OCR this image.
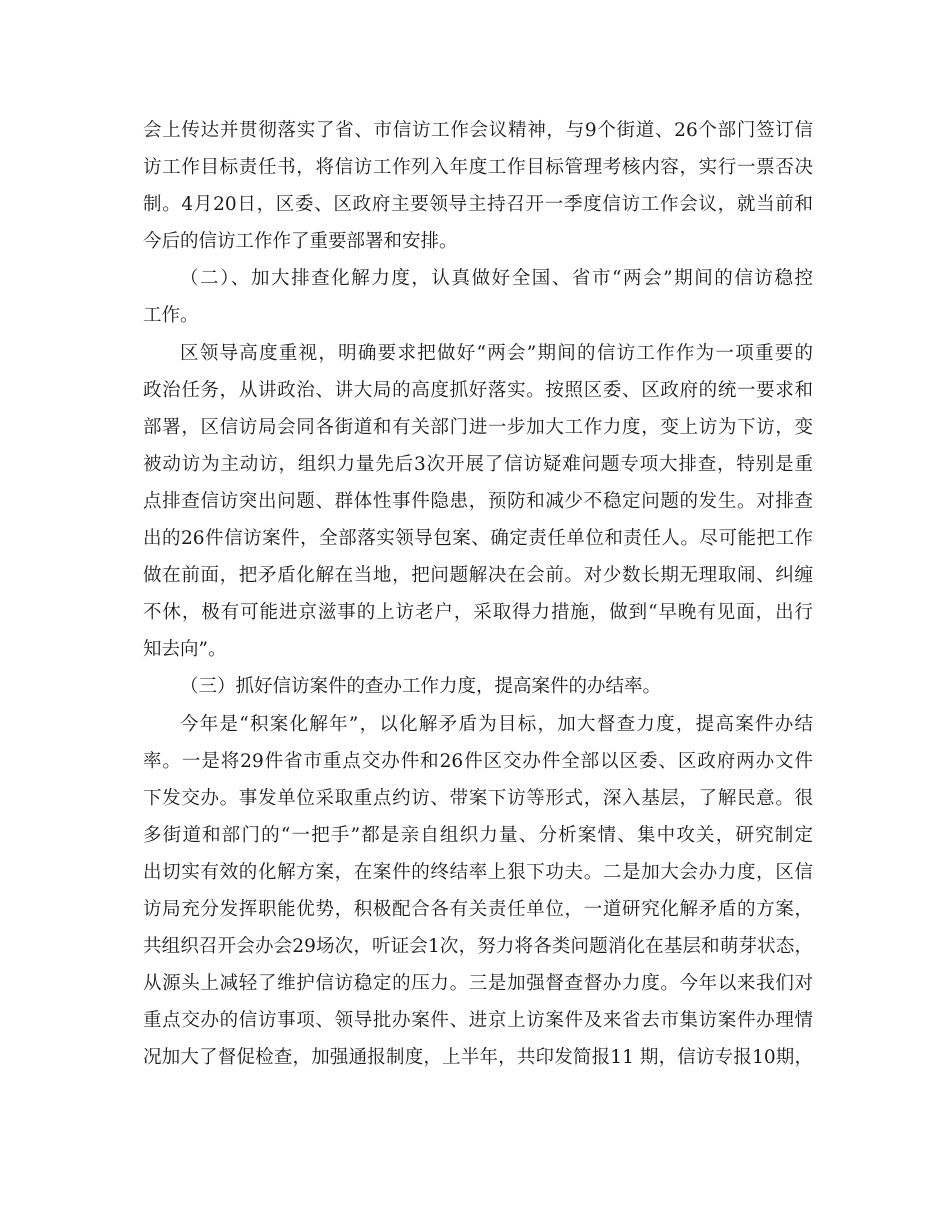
会上传达并贯彻落实了省、市信访工作会议精神，与9个街道、26个部门签订信
访工作目标责任书，将信访工作列入年度工作目标管理考核内容，实行一票否决
制。4月20日，区委、区政府主要领导主持召开一季度信访工作会议，就当前和
今后的信访工作作了重要部署和安排。
（二）、加大排查化解力度，认真做好全国、省市“两会”期间的信访稳控
工作。
区领导高度重视，明确要求把做好“两会”期间的信访工作作为一项重要的
政治任务，从讲政治、讲大局的高度抓好落实。按照区委、区政府的统一要求和
部署，区信访局会同各街道和有关部门进一步加大工作力度，变上访为下访，变
被动访为主动访，组织力量先后3次开展了信访疑难问题专项大排查，特别是重
点排查信访突出问题、群体性事件隐患，预防和减少不稳定问题的发生。对排查
出的26件信访案件，全部落实领导包案、确定责任单位和责任人。尽可能把工作
做在前面，把矛盾化解在当地，把问题解决在会前。对少数长期无理取闹、纠缠
不休，极有可能进京滋事的上访老户，采取得力措施，做到“早晚有见面，出行
知去向”。
（三）抓好信访案件的查办工作力度，提高案件的办结率。
今年是“积案化解年”，以化解矛盾为目标，加大督查力度，提高案件办结
率。一是将29件省市重点交办件和26件区交办件全部以区委、区政府两办文件
下发交办。事发单位采取重点约访、带案下访等形式，深入基层，了解民意。很
多街道和部门的“一把手”都是亲自组织力量、分析案情、集中攻关，研究制定
出切实有效的化解方案，在案件的终结率上狠下功夫。二是加大会办力度，区信
访局充分发挥职能优势，积极配合各有关责任单位，一道研究化解矛盾的方案，
共组织召开会办会29场次，听证会1次，努力将各类问题消化在基层和萌芽状态，
从源头上减轻了维护信访稳定的压力。三是加强督查督办力度。今年以来我们对
重点交办的信访事项、领导批办案件、进京上访案件及来省去市集访案件办理情
况加大了督促检查，加强通报制度，上半年，共印发简报11 期，信访专报10期，
